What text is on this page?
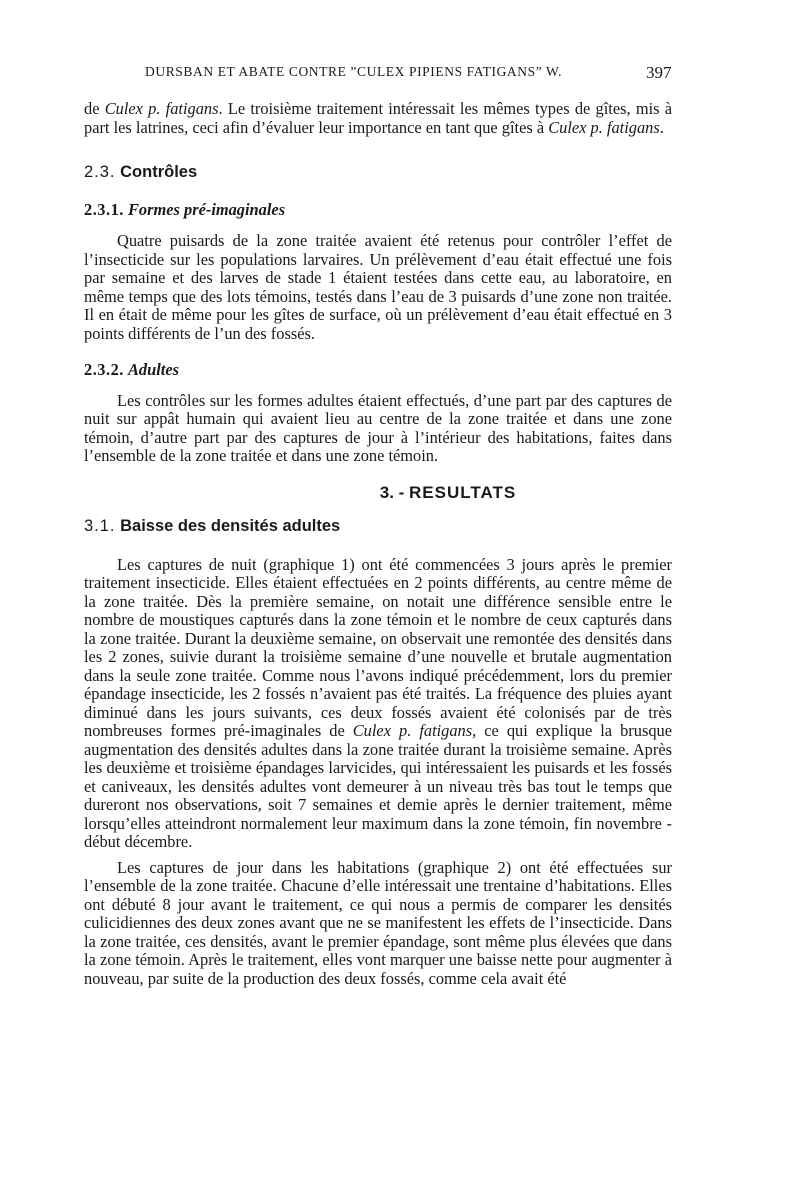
DURSBAN ET ABATE CONTRE ”CULEX PIPIENS FATIGANS” W.	397

de Culex p. fatigans. Le troisième traitement intéressait les mêmes types de gîtes, mis à part les latrines, ceci afin d’évaluer leur importance en tant que gîtes à Culex p. fatigans.

2.3. Contrôles
2.3.1. Formes pré-imaginales

Quatre puisards de la zone traitée avaient été retenus pour contrôler l’effet de l’insecticide sur les populations larvaires. Un prélèvement d’eau était effectué une fois par semaine et des larves de stade 1 étaient testées dans cette eau, au laboratoire, en même temps que des lots témoins, testés dans l’eau de 3 puisards d’une zone non traitée. Il en était de même pour les gîtes de surface, où un prélèvement d’eau était effectué en 3 points différents de l’un des fossés.

2.3.2. Adultes

Les contrôles sur les formes adultes étaient effectués, d’une part par des captures de nuit sur appât humain qui avaient lieu au centre de la zone traitée et dans une zone témoin, d’autre part par des captures de jour à l’intérieur des habitations, faites dans l’ensemble de la zone traitée et dans une zone témoin.

3. - RESULTATS
3.1. Baisse des densités adultes

Les captures de nuit (graphique 1) ont été commencées 3 jours après le premier traitement insecticide. Elles étaient effectuées en 2 points différents, au centre même de la zone traitée. Dès la première semaine, on notait une différence sensible entre le nombre de moustiques capturés dans la zone témoin et le nombre de ceux capturés dans la zone traitée. Durant la deuxième semaine, on observait une remontée des densités dans les 2 zones, suivie durant la troisième semaine d’une nouvelle et brutale augmentation dans la seule zone traitée. Comme nous l’avons indiqué précédemment, lors du premier épandage insecticide, les 2 fossés n’avaient pas été traités. La fréquence des pluies ayant diminué dans les jours suivants, ces deux fossés avaient été colonisés par de très nombreuses formes pré-imaginales de Culex p. fatigans, ce qui explique la brusque augmentation des densités adultes dans la zone traitée durant la troisième semaine. Après les deuxième et troisième épandages larvicides, qui intéressaient les puisards et les fossés et caniveaux, les densités adultes vont demeurer à un niveau très bas tout le temps que dureront nos observations, soit 7 semaines et demie après le dernier traitement, même lorsqu’elles atteindront normalement leur maximum dans la zone témoin, fin novembre - début décembre.

Les captures de jour dans les habitations (graphique 2) ont été effectuées sur l’ensemble de la zone traitée. Chacune d’elle intéressait une trentaine d’habitations. Elles ont débuté 8 jour avant le traitement, ce qui nous a permis de comparer les densités culicidiennes des deux zones avant que ne se manifestent les effets de l’insecticide. Dans la zone traitée, ces densités, avant le premier épandage, sont même plus élevées que dans la zone témoin. Après le traitement, elles vont marquer une baisse nette pour augmenter à nouveau, par suite de la production des deux fossés, comme cela avait été
